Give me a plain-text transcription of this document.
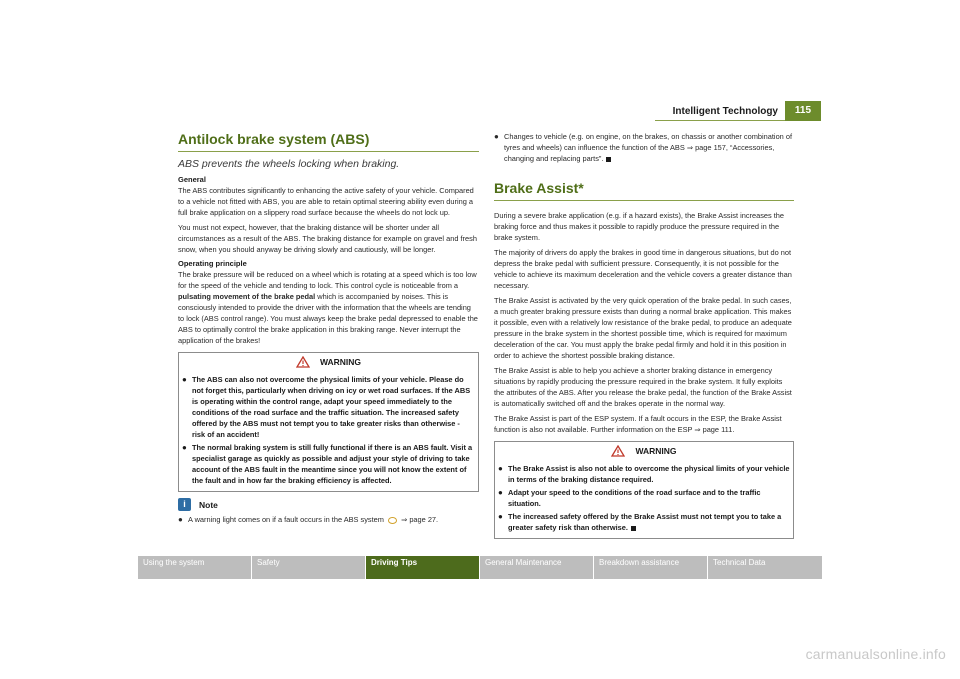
Intelligent Technology	115
Antilock brake system (ABS)
ABS prevents the wheels locking when braking.
General

The ABS contributes significantly to enhancing the active safety of your vehicle. Compared to a vehicle not fitted with ABS, you are able to retain optimal steering ability even during a full brake application on a slippery road surface because the wheels do not lock up.

You must not expect, however, that the braking distance will be shorter under all circumstances as a result of the ABS. The braking distance for example on gravel and fresh snow, when you should anyway be driving slowly and cautiously, will be longer.

Operating principle

The brake pressure will be reduced on a wheel which is rotating at a speed which is too low for the speed of the vehicle and tending to lock. This control cycle is noticeable from a pulsating movement of the brake pedal which is accompanied by noises. This is consciously intended to provide the driver with the information that the wheels are tending to lock (ABS control range). You must always keep the brake pedal depressed to enable the ABS to optimally control the brake application in this braking range. Never interrupt the application of the brakes!

WARNING

● The ABS can also not overcome the physical limits of your vehicle. Please do not forget this, particularly when driving on icy or wet road surfaces. If the ABS is operating within the control range, adapt your speed immediately to the conditions of the road surface and the traffic situation. The increased safety offered by the ABS must not tempt you to take greater risks than otherwise - risk of an accident!

● The normal braking system is still fully functional if there is an ABS fault. Visit a specialist garage as quickly as possible and adjust your style of driving to take account of the ABS fault in the meantime since you will not know the extent of the fault and in how far the braking efficiency is affected.

i	Note

● A warning light comes on if a fault occurs in the ABS system ⇒ page 27.

● Changes to vehicle (e.g. on engine, on the brakes, on chassis or another combination of tyres and wheels) can influence the function of the ABS ⇒ page 157, “Accessories, changing and replacing parts”.

Brake Assist*

During a severe brake application (e.g. if a hazard exists), the Brake Assist increases the braking force and thus makes it possible to rapidly produce the pressure required in the brake system.

The majority of drivers do apply the brakes in good time in dangerous situations, but do not depress the brake pedal with sufficient pressure. Consequently, it is not possible for the vehicle to achieve its maximum deceleration and the vehicle covers a greater distance than necessary.

The Brake Assist is activated by the very quick operation of the brake pedal. In such cases, a much greater braking pressure exists than during a normal brake application. This makes it possible, even with a relatively low resistance of the brake pedal, to produce an adequate pressure in the brake system in the shortest possible time, which is required for maximum deceleration of the car. You must apply the brake pedal firmly and hold it in this position in order to achieve the shortest possible braking distance.

The Brake Assist is able to help you achieve a shorter braking distance in emergency situations by rapidly producing the pressure required in the brake system. It fully exploits the attributes of the ABS. After you release the brake pedal, the function of the Brake Assist is automatically switched off and the brakes operate in the normal way.

The Brake Assist is part of the ESP system. If a fault occurs in the ESP, the Brake Assist function is also not available. Further information on the ESP ⇒ page 111.

WARNING

● The Brake Assist is also not able to overcome the physical limits of your vehicle in terms of the braking distance required.

● Adapt your speed to the conditions of the road surface and to the traffic situation.

● The increased safety offered by the Brake Assist must not tempt you to take a greater safety risk than otherwise.

Using the system	Safety	Driving Tips	General Maintenance	Breakdown assistance	Technical Data
carmanualsonline.info
